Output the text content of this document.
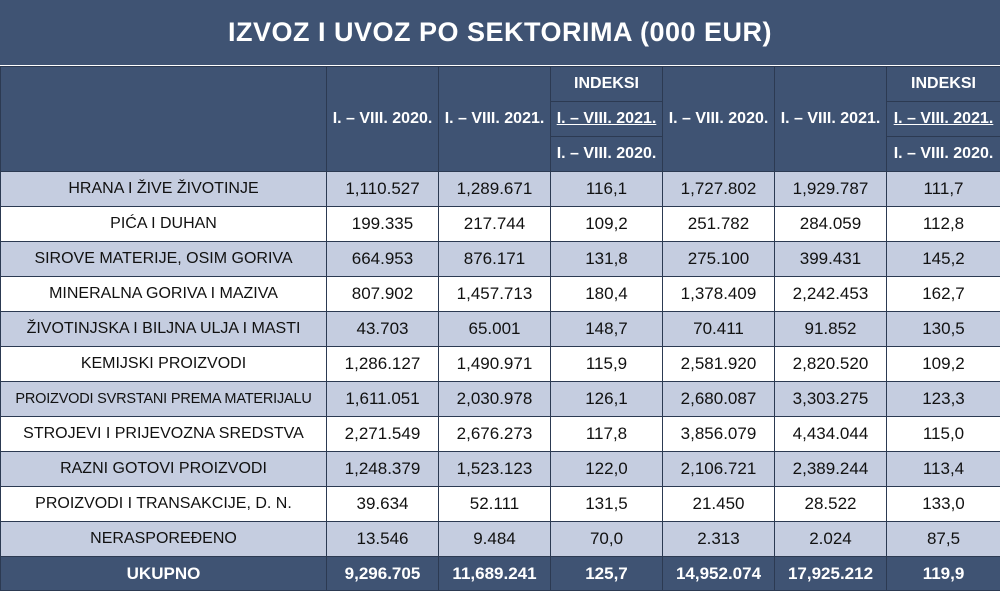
IZVOZ I UVOZ PO SEKTORIMA (000 EUR)
	I. – VIII. 2020.	I. – VIII. 2021.	INDEKSI	I. – VIII. 2020.	I. – VIII. 2021.	INDEKSI
			I. – VIII. 2021.			I. – VIII. 2021.
			I. – VIII. 2020.			I. – VIII. 2020.
HRANA I ŽIVE ŽIVOTINJE	1,110.527	1,289.671	116,1	1,727.802	1,929.787	111,7
PIĆA I DUHAN	199.335	217.744	109,2	251.782	284.059	112,8
SIROVE MATERIJE, OSIM GORIVA	664.953	876.171	131,8	275.100	399.431	145,2
MINERALNA GORIVA I MAZIVA	807.902	1,457.713	180,4	1,378.409	2,242.453	162,7
ŽIVOTINJSKA I BILJNA ULJA I MASTI	43.703	65.001	148,7	70.411	91.852	130,5
KEMIJSKI PROIZVODI	1,286.127	1,490.971	115,9	2,581.920	2,820.520	109,2
PROIZVODI SVRSTANI PREMA MATERIJALU	1,611.051	2,030.978	126,1	2,680.087	3,303.275	123,3
STROJEVI I PRIJEVOZNA SREDSTVA	2,271.549	2,676.273	117,8	3,856.079	4,434.044	115,0
RAZNI GOTOVI PROIZVODI	1,248.379	1,523.123	122,0	2,106.721	2,389.244	113,4
PROIZVODI I TRANSAKCIJE, D. N.	39.634	52.111	131,5	21.450	28.522	133,0
NERASPOREĐENO	13.546	9.484	70,0	2.313	2.024	87,5
UKUPNO	9,296.705	11,689.241	125,7	14,952.074	17,925.212	119,9
